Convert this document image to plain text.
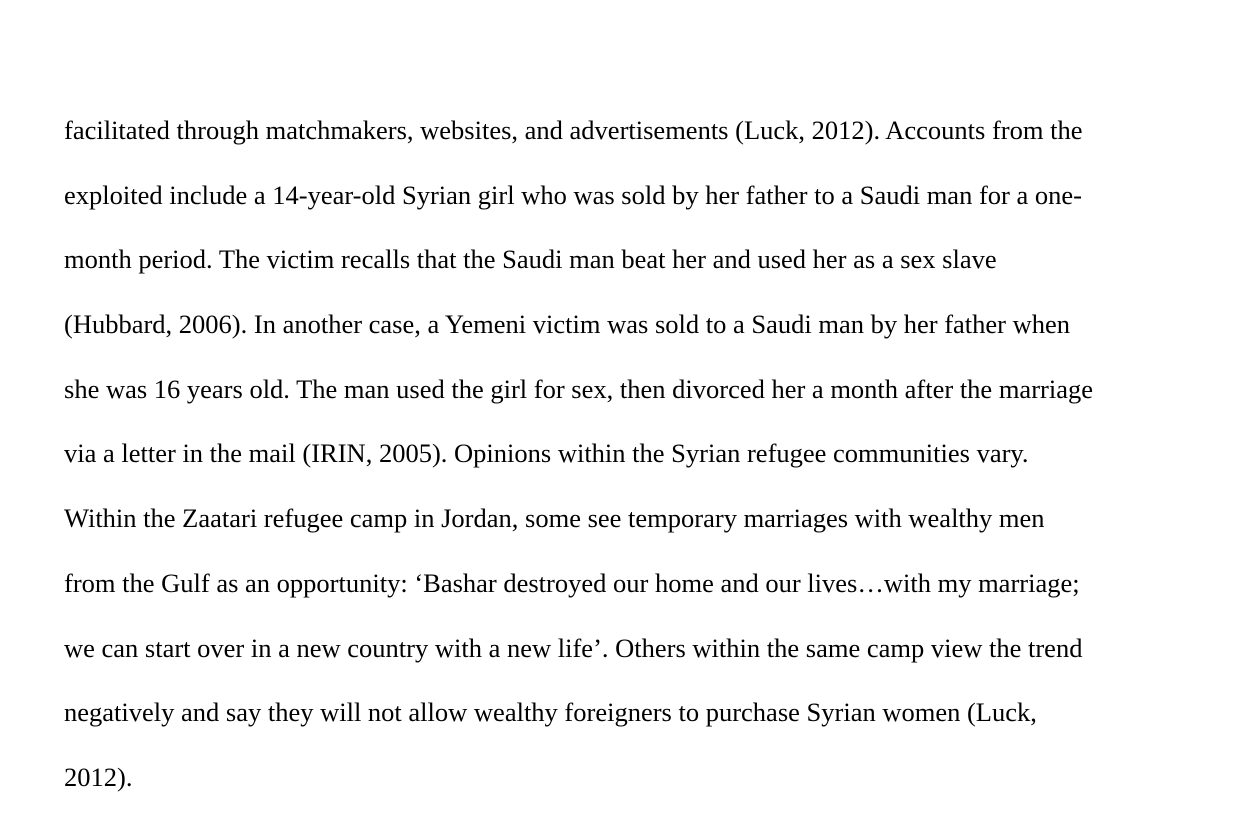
facilitated through matchmakers, websites, and advertisements (Luck, 2012). Accounts from the
exploited include a 14-year-old Syrian girl who was sold by her father to a Saudi man for a one-
month period. The victim recalls that the Saudi man beat her and used her as a sex slave
(Hubbard, 2006). In another case, a Yemeni victim was sold to a Saudi man by her father when
she was 16 years old. The man used the girl for sex, then divorced her a month after the marriage
via a letter in the mail (IRIN, 2005). Opinions within the Syrian refugee communities vary.
Within the Zaatari refugee camp in Jordan, some see temporary marriages with wealthy men
from the Gulf as an opportunity: ‘Bashar destroyed our home and our lives…with my marriage;
we can start over in a new country with a new life’. Others within the same camp view the trend
negatively and say they will not allow wealthy foreigners to purchase Syrian women (Luck,
2012).
